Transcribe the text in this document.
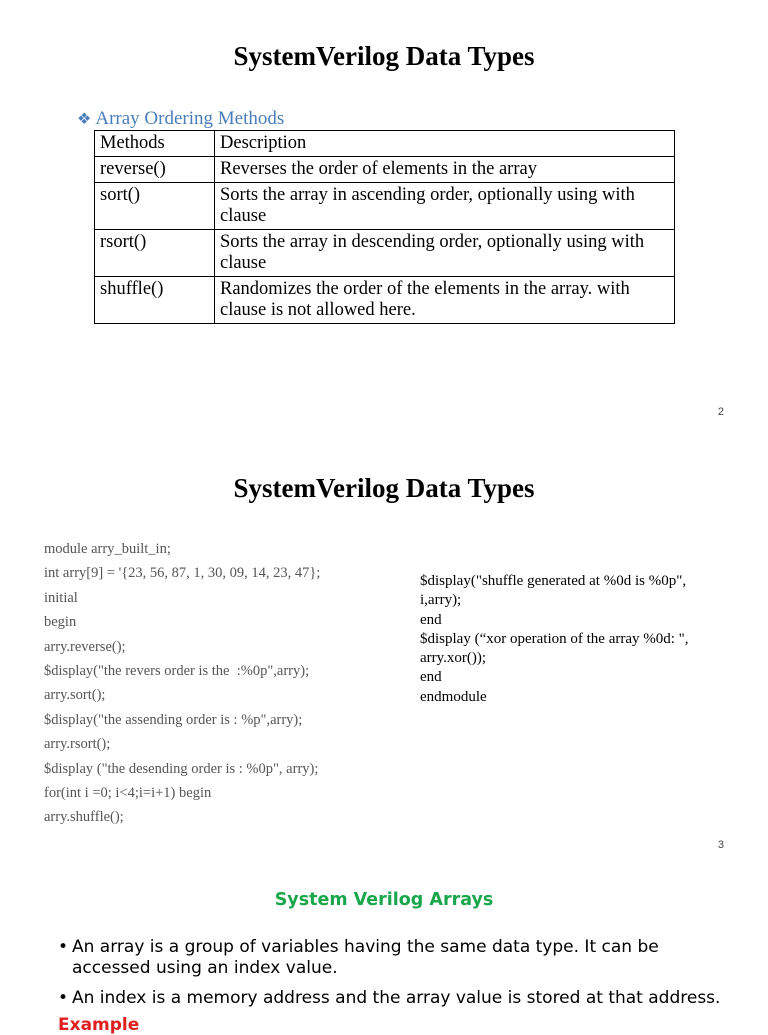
SystemVerilog Data Types
❖ Array Ordering Methods
Methods	Description
reverse()	Reverses the order of elements in the array
sort()	Sorts the array in ascending order, optionally using with clause
rsort()	Sorts the array in descending order, optionally using with clause
shuffle()	Randomizes the order of the elements in the array. with clause is not allowed here.
2
SystemVerilog Data Types
module arry_built_in;
int arry[9] = '{23, 56, 87, 1, 30, 09, 14, 23, 47};
initial
begin
arry.reverse();
$display("the revers order is the  :%0p",arry);
arry.sort();
$display("the assending order is : %p",arry);
arry.rsort();
$display ("the desending order is : %0p", arry);
for(int i =0; i<4;i=i+1) begin
arry.shuffle();
$display("shuffle generated at %0d is %0p", i,arry);
end
$display (“xor operation of the array %0d: ", arry.xor());
end
endmodule
3
System Verilog Arrays
• An array is a group of variables having the same data type. It can be accessed using an index value.
• An index is a memory address and the array value is stored at that address.
Example
